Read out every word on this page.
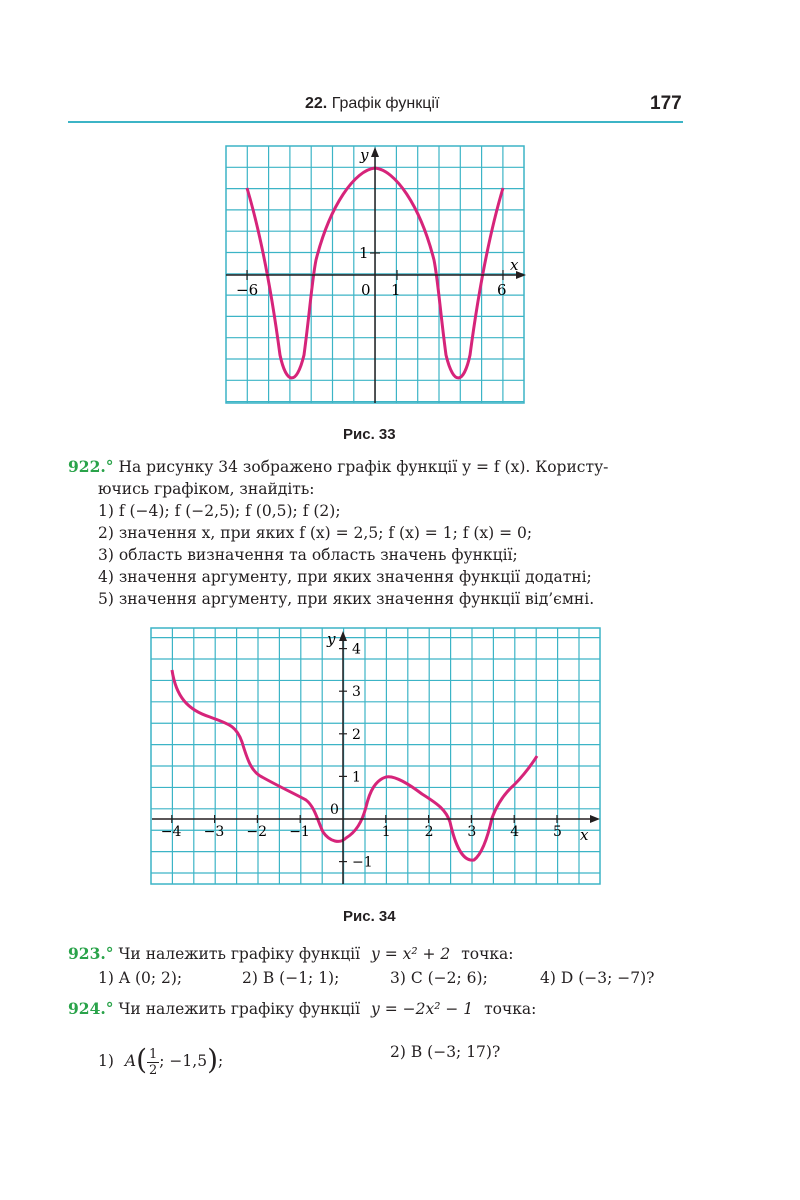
22. Графік функції	177
y
x
−6	0 1	6
1
Рис. 33
922.° На рисунку 34 зображено графік функції y = f (x). Користу-
ючись графіком, знайдіть:
1) f (−4); f (−2,5); f (0,5); f (2);
2) значення x, при яких f (x) = 2,5; f (x) = 1; f (x) = 0;
3) область визначення та область значень функції;
4) значення аргументу, при яких значення функції додатні;
5) значення аргументу, при яких значення функції від’ємні.
−4 −3 −2 −1	1 2 3 4 5
4
3
2
1
−1
y
x
0
Рис. 34
923.° Чи належить графіку функції y = x² + 2 точка:
1) A (0; 2);	2) B (−1; 1);	3) C (−2; 6);	4) D (−3; −7)?
924.° Чи належить графіку функції y = −2x² − 1 точка:
1) $A( \frac{1}{2}$ ; −1,5);	2) B (−3; 17)?
